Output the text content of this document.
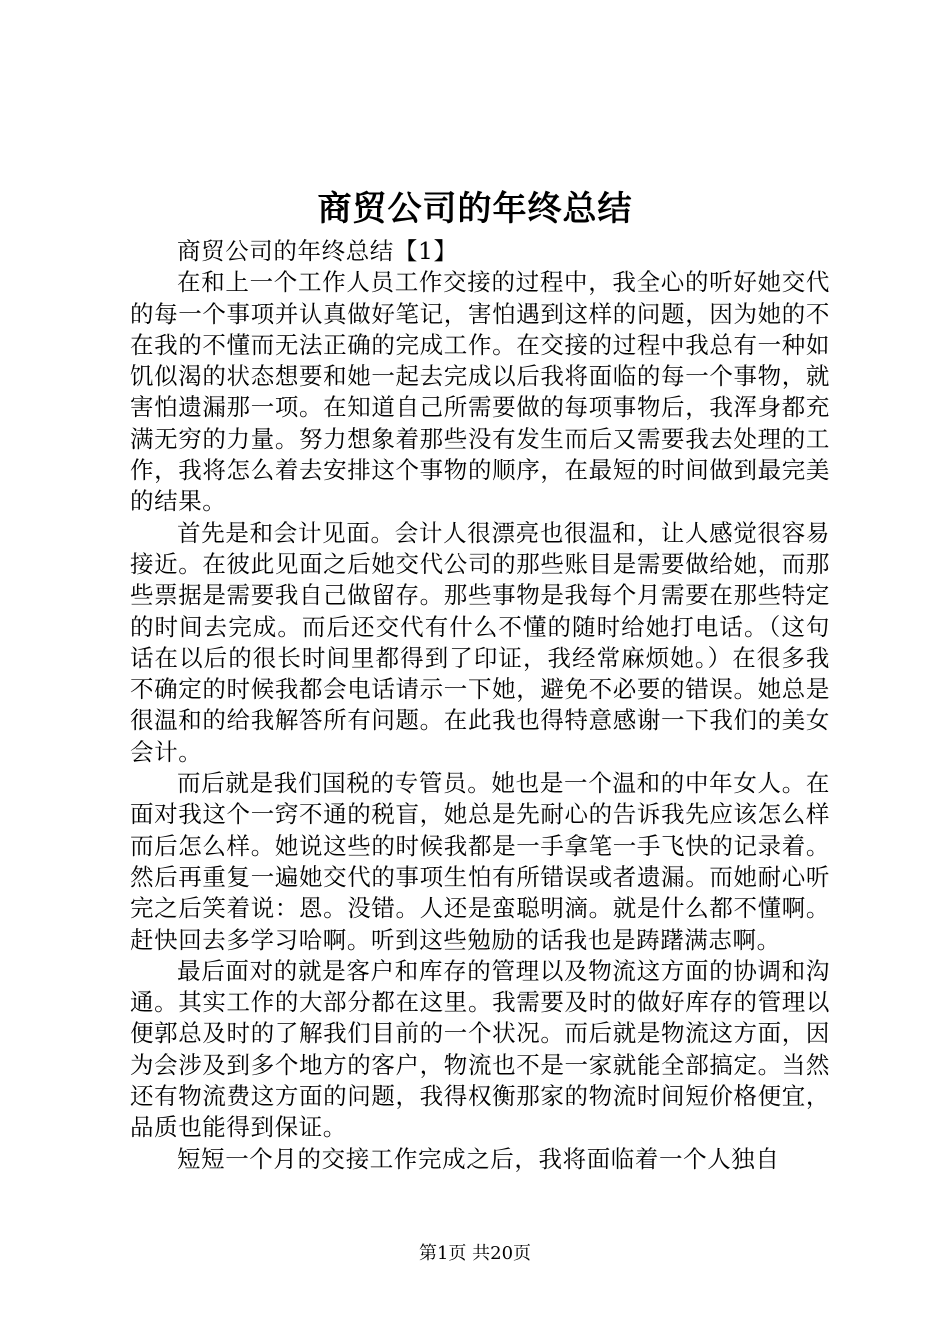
商贸公司的年终总结

商贸公司的年终总结【1】

在和上一个工作人员工作交接的过程中，我全心的听好她交代的每一个事项并认真做好笔记，害怕遇到这样的问题，因为她的不在我的不懂而无法正确的完成工作。在交接的过程中我总有一种如饥似渴的状态想要和她一起去完成以后我将面临的每一个事物，就害怕遗漏那一项。在知道自己所需要做的每项事物后，我浑身都充满无穷的力量。努力想象着那些没有发生而后又需要我去处理的工作，我将怎么着去安排这个事物的顺序，在最短的时间做到最完美的结果。

首先是和会计见面。会计人很漂亮也很温和，让人感觉很容易接近。在彼此见面之后她交代公司的那些账目是需要做给她，而那些票据是需要我自己做留存。那些事物是我每个月需要在那些特定的时间去完成。而后还交代有什么不懂的随时给她打电话。（这句话在以后的很长时间里都得到了印证，我经常麻烦她。）在很多我不确定的时候我都会电话请示一下她，避免不必要的错误。她总是很温和的给我解答所有问题。在此我也得特意感谢一下我们的美女会计。

而后就是我们国税的专管员。她也是一个温和的中年女人。在面对我这个一窍不通的税盲，她总是先耐心的告诉我先应该怎么样而后怎么样。她说这些的时候我都是一手拿笔一手飞快的记录着。然后再重复一遍她交代的事项生怕有所错误或者遗漏。而她耐心听完之后笑着说：恩。没错。人还是蛮聪明滴。就是什么都不懂啊。赶快回去多学习哈啊。听到这些勉励的话我也是踌躇满志啊。

最后面对的就是客户和库存的管理以及物流这方面的协调和沟通。其实工作的大部分都在这里。我需要及时的做好库存的管理以便郭总及时的了解我们目前的一个状况。而后就是物流这方面，因为会涉及到多个地方的客户，物流也不是一家就能全部搞定。当然还有物流费这方面的问题，我得权衡那家的物流时间短价格便宜，品质也能得到保证。

短短一个月的交接工作完成之后，我将面临着一个人独自

第1页 共20页
